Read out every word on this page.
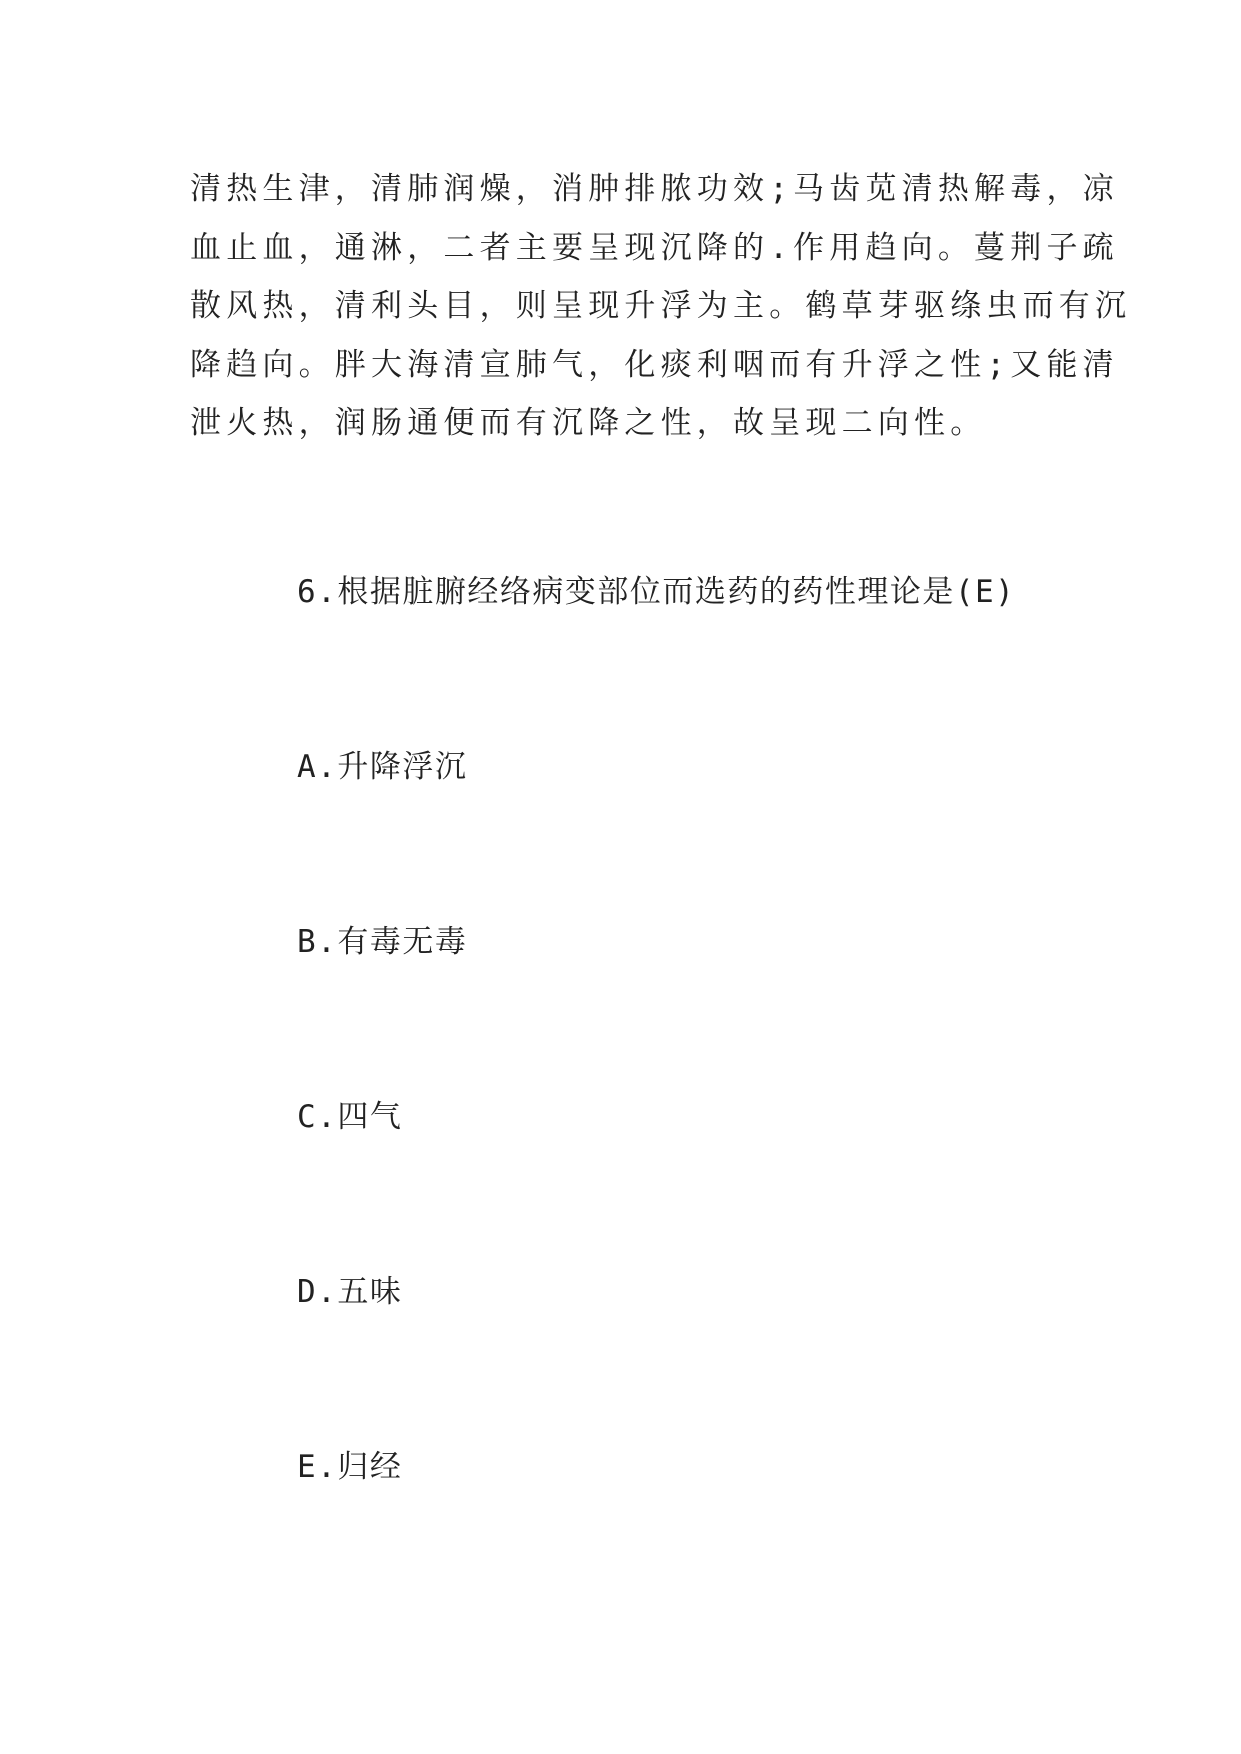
清热生津，清肺润燥，消肿排脓功效;马齿苋清热解毒，凉
血止血，通淋，二者主要呈现沉降的.作用趋向。蔓荆子疏
散风热，清利头目，则呈现升浮为主。鹤草芽驱绦虫而有沉
降趋向。胖大海清宣肺气，化痰利咽而有升浮之性;又能清
泄火热，润肠通便而有沉降之性，故呈现二向性。
6.根据脏腑经络病变部位而选药的药性理论是(E)
A.升降浮沉
B.有毒无毒
C.四气
D.五味
E.归经
